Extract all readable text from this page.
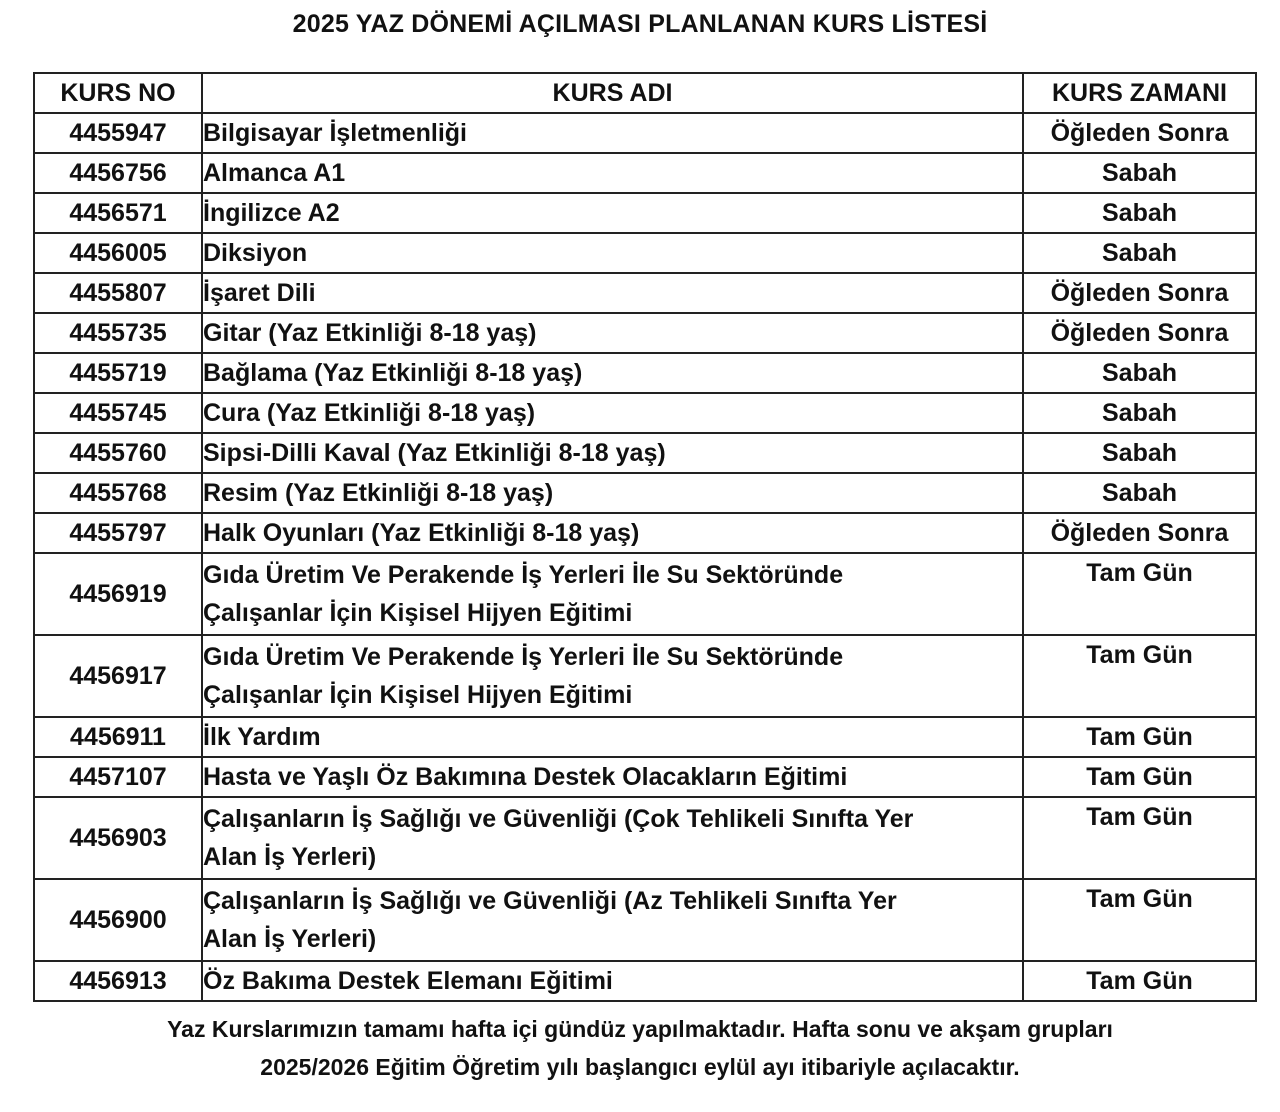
2025 YAZ DÖNEMİ AÇILMASI PLANLANAN KURS LİSTESİ
KURS NO	KURS ADI	KURS ZAMANI
4455947	Bilgisayar İşletmenliği	Öğleden Sonra
4456756	Almanca A1	Sabah
4456571	İngilizce A2	Sabah
4456005	Diksiyon	Sabah
4455807	İşaret Dili	Öğleden Sonra
4455735	Gitar (Yaz Etkinliği 8-18 yaş)	Öğleden Sonra
4455719	Bağlama (Yaz Etkinliği 8-18 yaş)	Sabah
4455745	Cura (Yaz Etkinliği 8-18 yaş)	Sabah
4455760	Sipsi-Dilli Kaval (Yaz Etkinliği 8-18 yaş)	Sabah
4455768	Resim (Yaz Etkinliği 8-18 yaş)	Sabah
4455797	Halk Oyunları (Yaz Etkinliği 8-18 yaş)	Öğleden Sonra
4456919	Gıda Üretim Ve Perakende İş Yerleri İle Su Sektöründe
Çalışanlar İçin Kişisel Hijyen Eğitimi	Tam Gün
4456917	Gıda Üretim Ve Perakende İş Yerleri İle Su Sektöründe
Çalışanlar İçin Kişisel Hijyen Eğitimi	Tam Gün
4456911	İlk Yardım	Tam Gün
4457107	Hasta ve Yaşlı Öz Bakımına Destek Olacakların Eğitimi	Tam Gün
4456903	Çalışanların İş Sağlığı ve Güvenliği (Çok Tehlikeli Sınıfta Yer
Alan İş Yerleri)	Tam Gün
4456900	Çalışanların İş Sağlığı ve Güvenliği (Az Tehlikeli Sınıfta Yer
Alan İş Yerleri)	Tam Gün
4456913	Öz Bakıma Destek Elemanı Eğitimi	Tam Gün
Yaz Kurslarımızın tamamı hafta içi gündüz yapılmaktadır. Hafta sonu ve akşam grupları
2025/2026 Eğitim Öğretim yılı başlangıcı eylül ayı itibariyle açılacaktır.
